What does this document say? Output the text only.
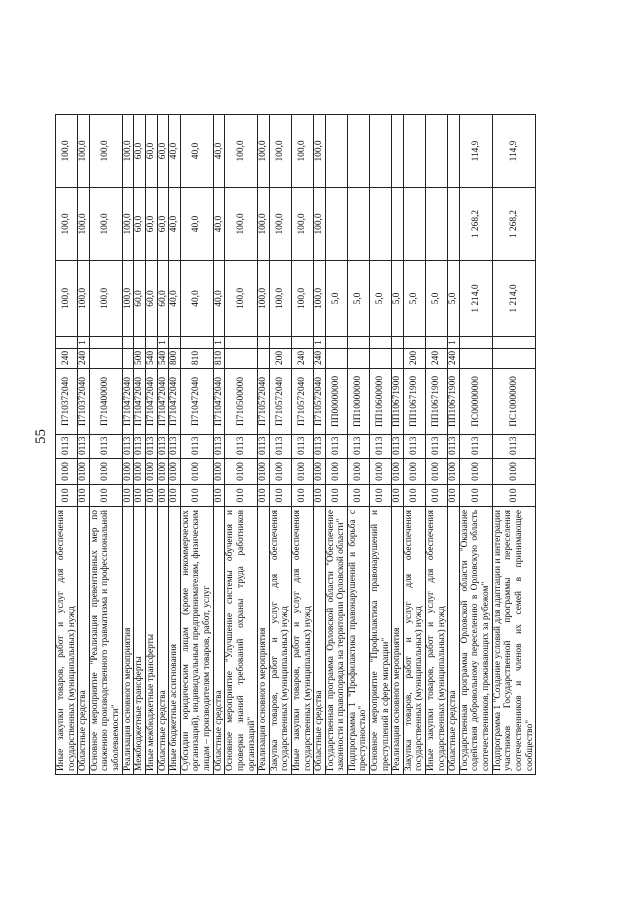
55
Иные закупки товаров, работ и услуг для обеспечения государственных (муниципальных) нужд	010	0100	0113	П710372040	240		100,0	100,0	100,0
Областные средства	010	0100	0113	П710372040	240	1	100,0	100,0	100,0
Основное мероприятие "Реализация превентивных мер по снижению производственного травматизма и профессиональной заболеваемости"	010	0100	0113	П710400000			100,0	100,0	100,0
Реализация основного мероприятия	010	0100	0113	П710472040			100,0	100,0	100,0
Межбюджетные трансферты	010	0100	0113	П710472040	500		60,0	60,0	60,0
Иные межбюджетные трансферты	010	0100	0113	П710472040	540		60,0	60,0	60,0
Областные средства	010	0100	0113	П710472040	540	1	60,0	60,0	60,0
Иные бюджетные ассигнования	010	0100	0113	П710472040	800		40,0	40,0	40,0
Субсидии юридическим лицам (кроме некоммерческих организаций), индивидуальным предпринимателям, физическим лицам – производителям товаров, работ, услуг	010	0100	0113	П710472040	810		40,0	40,0	40,0
Областные средства	010	0100	0113	П710472040	810	1	40,0	40,0	40,0
Основное мероприятие "Улучшение системы обучения и проверки знаний требований охраны труда работников организаций"	010	0100	0113	П710500000			100,0	100,0	100,0
Реализация основного мероприятия	010	0100	0113	П710572040			100,0	100,0	100,0
Закупка товаров, работ и услуг для обеспечения государственных (муниципальных) нужд	010	0100	0113	П710572040	200		100,0	100,0	100,0
Иные закупки товаров, работ и услуг для обеспечения государственных (муниципальных) нужд	010	0100	0113	П710572040	240		100,0	100,0	100,0
Областные средства	010	0100	0113	П710572040	240	1	100,0	100,0	100,0
Государственная программа Орловской области "Обеспечение законности и правопорядка на территории Орловской области"	010	0100	0113	ПП00000000			5,0		
Подпрограмма 1 "Профилактика правонарушений и борьба с преступностью"	010	0100	0113	ПП10000000			5,0		
Основное мероприятие "Профилактика правонарушений и преступлений в сфере миграции"	010	0100	0113	ПП10600000			5,0		
Реализация основного мероприятия	010	0100	0113	ПП10671900			5,0		
Закупка товаров, работ и услуг для обеспечения государственных (муниципальных) нужд	010	0100	0113	ПП10671900	200		5,0		
Иные закупки товаров, работ и услуг для обеспечения государственных (муниципальных) нужд	010	0100	0113	ПП10671900	240		5,0		
Областные средства	010	0100	0113	ПП10671900	240	1	5,0		
Государственная программа Орловской области "Оказание содействия добровольному переселению в Орловскую область соотечественников, проживающих за рубежом"	010	0100	0113	ПС00000000			1 214,0	1 268,2	114,9
Подпрограмма 1 "Создание условий для адаптации и интеграции участников Государственной программы переселения соотечественников и членов их семей в принимающее сообщество"	010	0100	0113	ПС10000000			1 214,0	1 268,2	114,9
